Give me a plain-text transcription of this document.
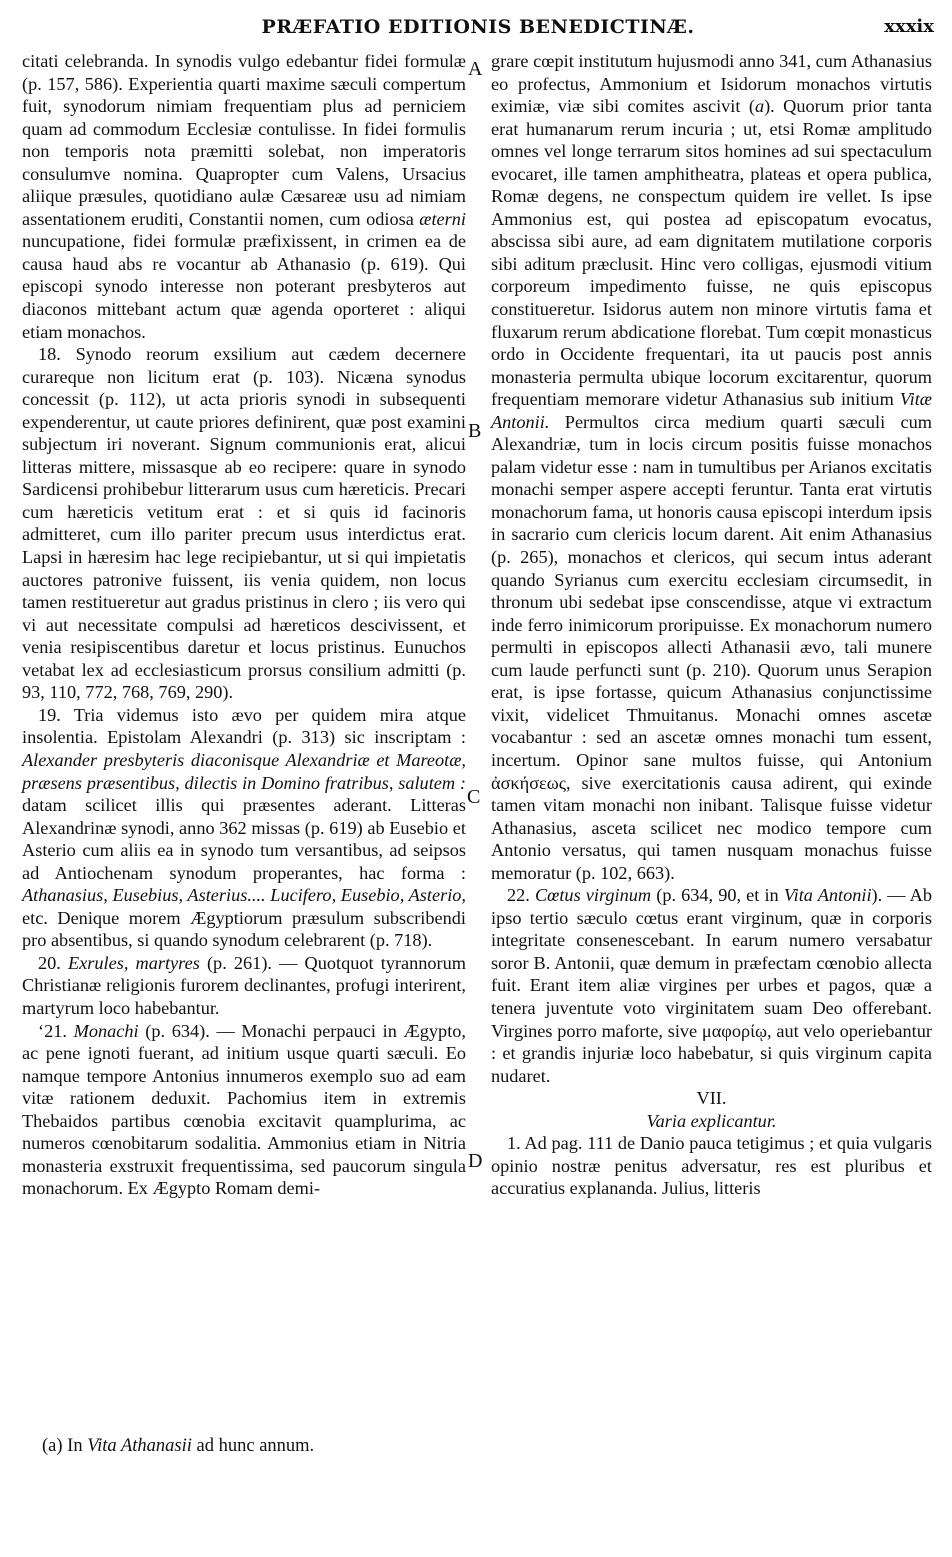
PRÆFATIO EDITIONIS BENEDICTINÆ.	xxxix
A
B
C
D

citati celebranda. In synodis vulgo edebantur fidei formulæ (p. 157, 586). Experientia quarti maxime sæculi compertum fuit, synodorum nimiam frequentiam plus ad perniciem quam ad commodum Ecclesiæ contulisse. In fidei formulis non temporis nota præmitti solebat, non imperatoris consulumve nomina. Quapropter cum Valens, Ursacius aliique præsules, quotidiano aulæ Cæsareæ usu ad nimiam assentationem eruditi, Constantii nomen, cum odiosa æterni nuncupatione, fidei formulæ præfixissent, in crimen ea de causa haud abs re vocantur ab Athanasio (p. 619). Qui episcopi synodo interesse non poterant presbyteros aut diaconos mittebant actum quæ agenda oporteret : aliqui etiam monachos.

18. Synodo reorum exsilium aut cædem decernere curareque non licitum erat (p. 103). Nicæna synodus concessit (p. 112), ut acta prioris synodi in subsequenti expenderentur, ut caute priores definirent, quæ post examini subjectum iri noverant. Signum communionis erat, alicui litteras mittere, missasque ab eo recipere: quare in synodo Sardicensi prohibebur litterarum usus cum hæreticis. Precari cum hæreticis vetitum erat : et si quis id facinoris admitteret, cum illo pariter precum usus interdictus erat. Lapsi in hæresim hac lege recipiebantur, ut si qui impietatis auctores patronive fuissent, iis venia quidem, non locus tamen restitueretur aut gradus pristinus in clero ; iis vero qui vi aut necessitate compulsi ad hæreticos descivissent, et venia resipiscentibus daretur et locus pristinus. Eunuchos vetabat lex ad ecclesiasticum prorsus consilium admitti (p. 93, 110, 772, 768, 769, 290).

19. Tria videmus isto ævo per quidem mira atque insolentia. Epistolam Alexandri (p. 313) sic inscriptam : Alexander presbyteris diaconisque Alexandriæ et Mareotæ, præsens præsentibus, dilectis in Domino fratribus, salutem : datam scilicet illis qui præsentes aderant. Litteras Alexandrinæ synodi, anno 362 missas (p. 619) ab Eusebio et Asterio cum aliis ea in synodo tum versantibus, ad seipsos ad Antiochenam synodum properantes, hac forma : Athanasius, Eusebius, Asterius.... Lucifero, Eusebio, Asterio, etc. Denique morem Ægyptiorum præsulum subscribendi pro absentibus, si quando synodum celebrarent (p. 718).

20. Exrules, martyres (p. 261). — Quotquot tyrannorum Christianæ religionis furorem declinantes, profugi interirent, martyrum loco habebantur.

‘21. Monachi (p. 634). — Monachi perpauci in Ægypto, ac pene ignoti fuerant, ad initium usque quarti sæculi. Eo namque tempore Antonius innumeros exemplo suo ad eam vitæ rationem deduxit. Pachomius item in extremis Thebaidos partibus cœnobia excitavit quamplurima, ac numeros cœnobitarum sodalitia. Ammonius etiam in Nitria monasteria exstruxit frequentissima, sed paucorum singula monachorum. Ex Ægypto Romam demi-

grare cœpit institutum hujusmodi anno 341, cum Athanasius eo profectus, Ammonium et Isidorum monachos virtutis eximiæ, viæ sibi comites ascivit (a). Quorum prior tanta erat humanarum rerum incuria ; ut, etsi Romæ amplitudo omnes vel longe terrarum sitos homines ad sui spectaculum evocaret, ille tamen amphitheatra, plateas et opera publica, Romæ degens, ne conspectum quidem ire vellet. Is ipse Ammonius est, qui postea ad episcopatum evocatus, abscissa sibi aure, ad eam dignitatem mutilatione corporis sibi aditum præclusit. Hinc vero colligas, ejusmodi vitium corporeum impedimento fuisse, ne quis episcopus constitueretur. Isidorus autem non minore virtutis fama et fluxarum rerum abdicatione florebat. Tum cœpit monasticus ordo in Occidente frequentari, ita ut paucis post annis monasteria permulta ubique locorum excitarentur, quorum frequentiam memorare videtur Athanasius sub initium Vitæ Antonii. Permultos circa medium quarti sæculi cum Alexandriæ, tum in locis circum positis fuisse monachos palam videtur esse : nam in tumultibus per Arianos excitatis monachi semper aspere accepti feruntur. Tanta erat virtutis monachorum fama, ut honoris causa episcopi interdum ipsis in sacrario cum clericis locum darent. Ait enim Athanasius (p. 265), monachos et clericos, qui secum intus aderant quando Syrianus cum exercitu ecclesiam circumsedit, in thronum ubi sedebat ipse conscendisse, atque vi extractum inde ferro inimicorum proripuisse. Ex monachorum numero permulti in episcopos allecti Athanasii ævo, tali munere cum laude perfuncti sunt (p. 210). Quorum unus Serapion erat, is ipse fortasse, quicum Athanasius conjunctissime vixit, videlicet Thmuitanus. Monachi omnes ascetæ vocabantur : sed an ascetæ omnes monachi tum essent, incertum. Opinor sane multos fuisse, qui Antonium ἀσκήσεως, sive exercitationis causa adirent, qui exinde tamen vitam monachi non inibant. Talisque fuisse videtur Athanasius, asceta scilicet nec modico tempore cum Antonio versatus, qui tamen nusquam monachus fuisse memoratur (p. 102, 663).

22. Cœtus virginum (p. 634, 90, et in Vita Antonii). — Ab ipso tertio sæculo cœtus erant virginum, quæ in corporis integritate consenescebant. In earum numero versabatur soror B. Antonii, quæ demum in præfectam cœnobio allecta fuit. Erant item aliæ virgines per urbes et pagos, quæ a tenera juventute voto virginitatem suam Deo offerebant. Virgines porro maforte, sive μαφορίῳ, aut velo operiebantur : et grandis injuriæ loco habebatur, si quis virginum capita nudaret.

VII.

Varia explicantur.

1. Ad pag. 111 de Danio pauca tetigimus ; et quia vulgaris opinio nostræ penitus adversatur, res est pluribus et accuratius explananda. Julius, litteris

(a) In Vita Athanasii ad hunc annum.
